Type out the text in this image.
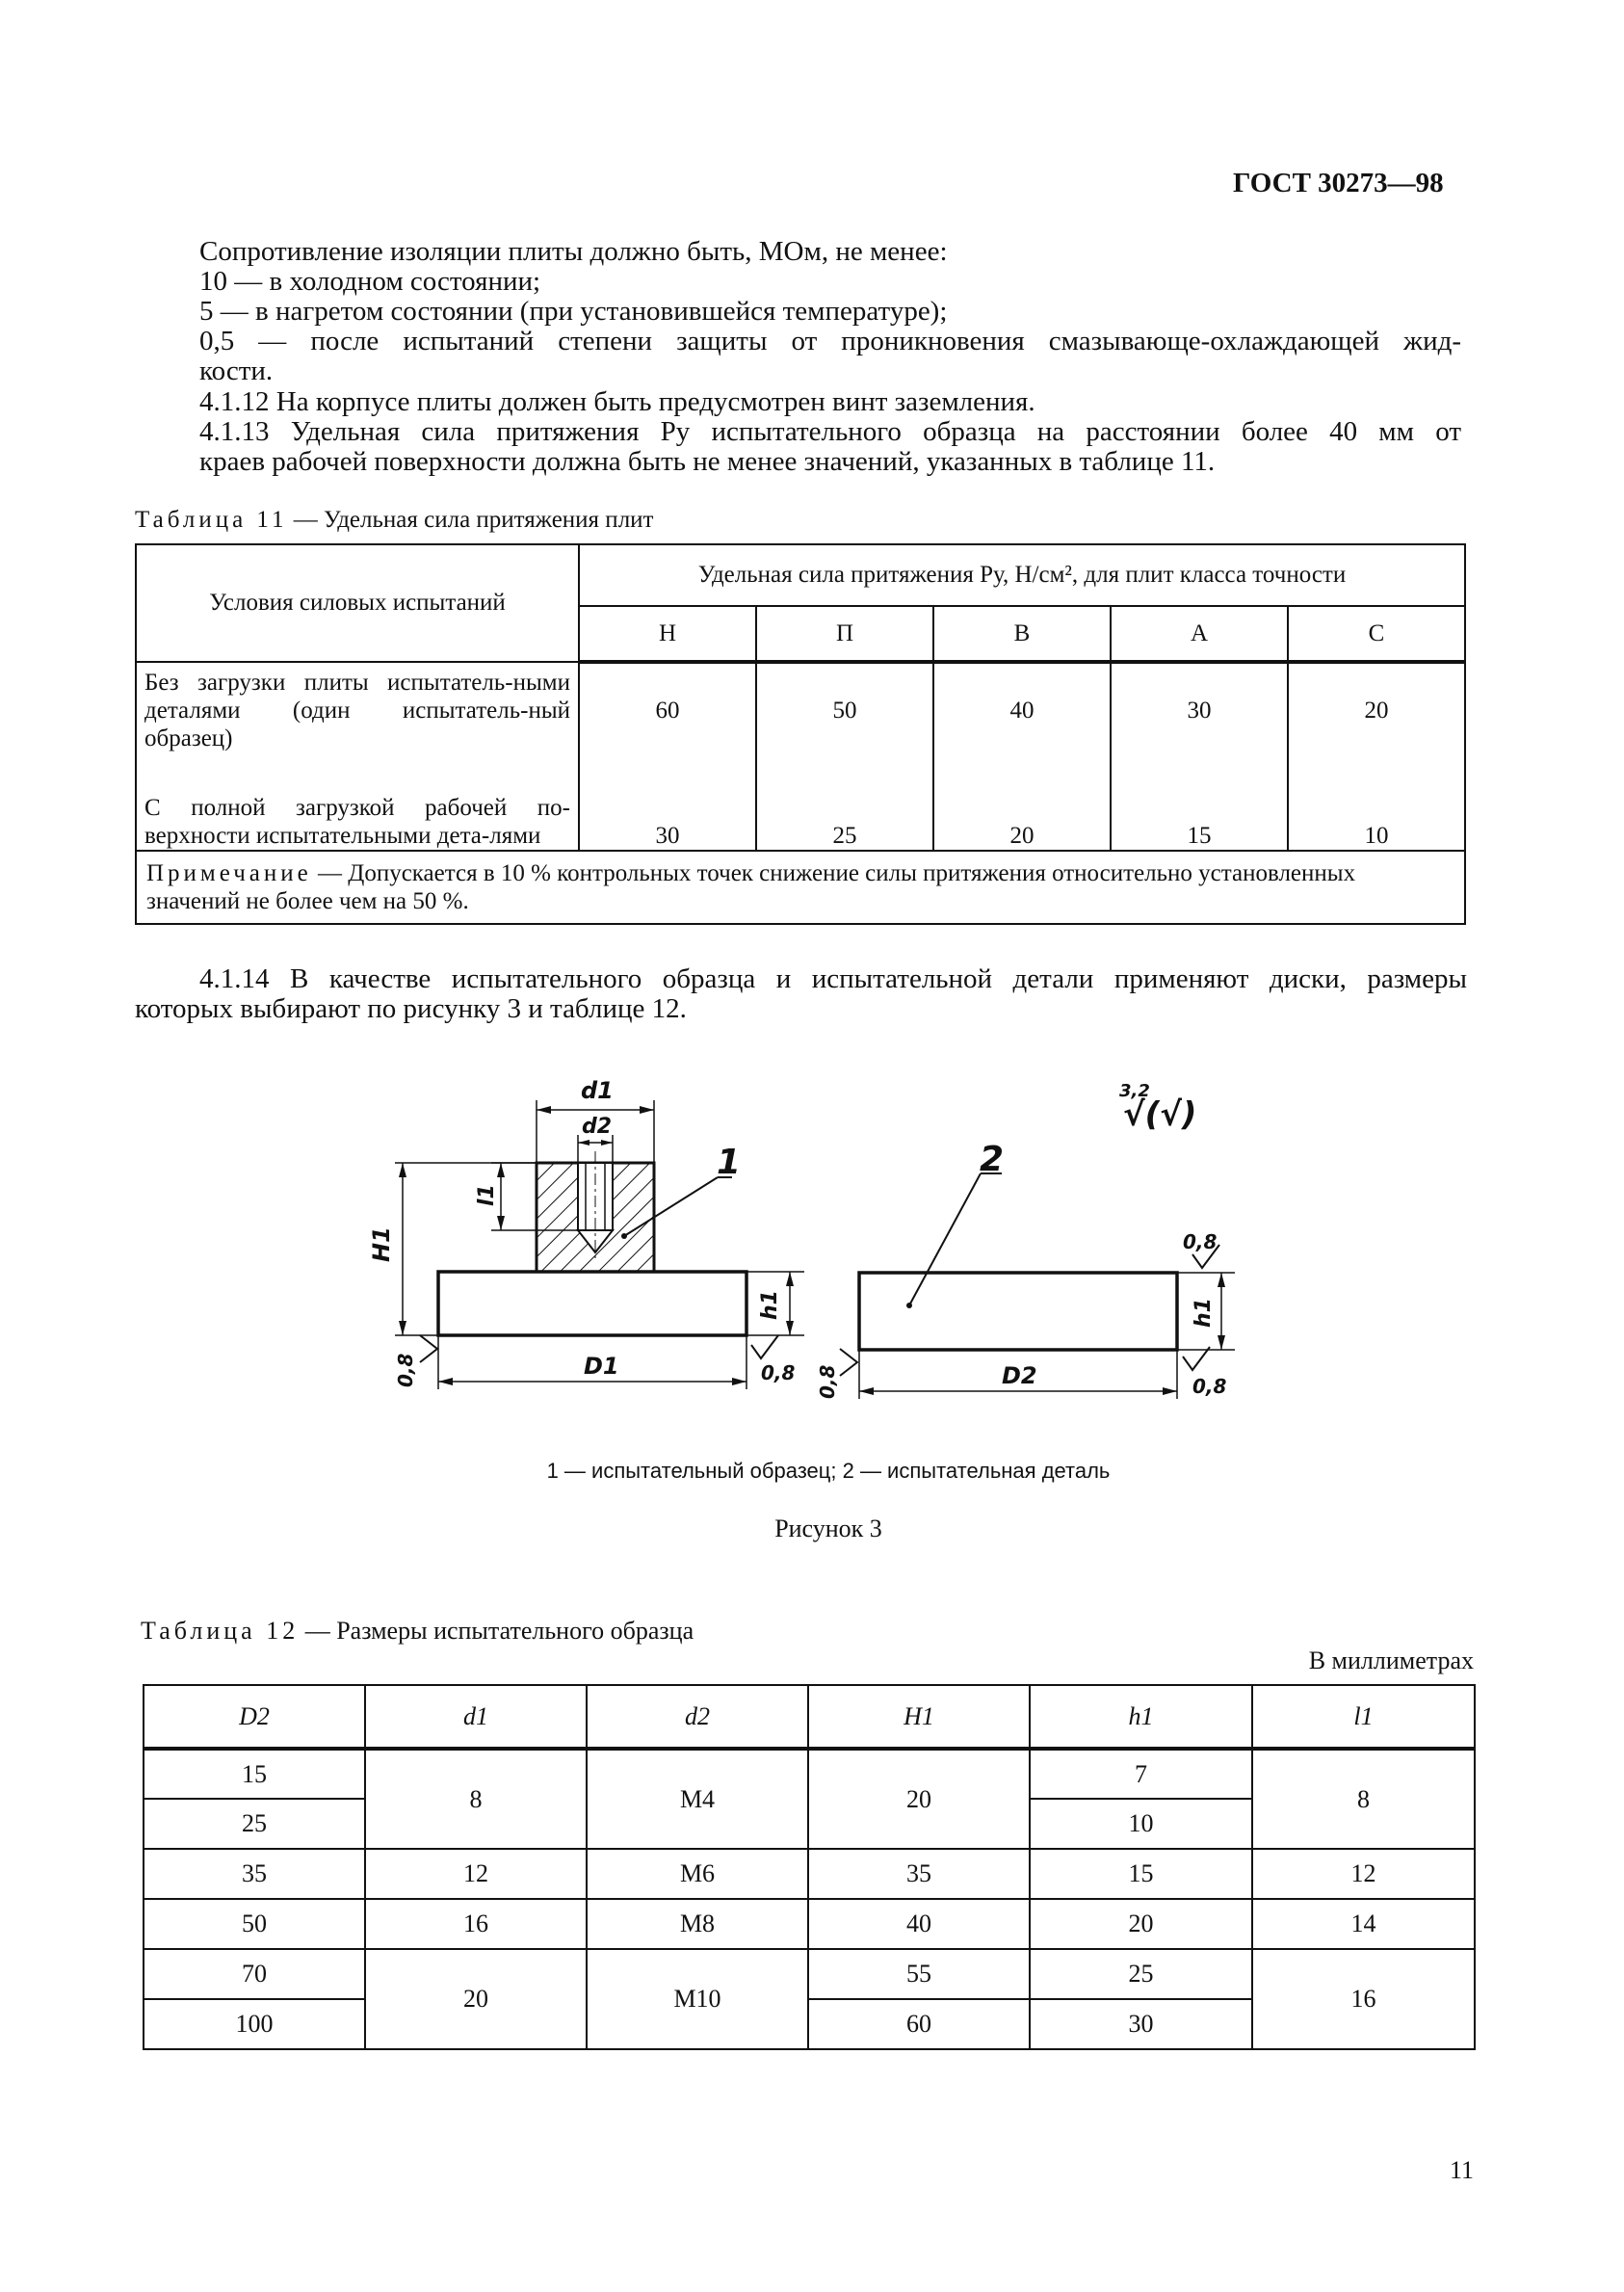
ГОСТ 30273—98
Сопротивление изоляции плиты должно быть, МОм, не менее:
10 — в холодном состоянии;
5 — в нагретом состоянии (при установившейся температуре);
0,5 — после испытаний степени защиты от проникновения смазывающе-охлаждающей жид-
кости.
4.1.12 На корпусе плиты должен быть предусмотрен винт заземления.
4.1.13 Удельная сила притяжения Pу испытательного образца на расстоянии более 40 мм от
краев рабочей поверхности должна быть не менее значений, указанных в таблице 11.
Таблица 11 — Удельная сила притяжения плит
Условия силовых испытаний	Удельная сила притяжения Pу, Н/см², для плит класса точности				
	Н	П	В	А	С
Без загрузки плиты испытатель-ными деталями (один испытатель-ный образец)	60	50	40	30	20
С полной загрузкой рабочей по-верхности испытательными дета-лями	30	25	20	15	10
Примечание — Допускается в 10 % контрольных точек снижение силы притяжения относительно установленных значений не более чем на 50 %.					
4.1.14 В качестве испытательного образца и испытательной детали применяют диски, размеры
которых выбирают по рисунку 3 и таблице 12.
d1
d2
l1
H1
h1
D1
0,8	0,8
1	2
h1
D2
0,8	0,8
0,8
3,2
√(√)
1 — испытательный образец; 2 — испытательная деталь
Рисунок 3
Таблица 12 — Размеры испытательного образца
В миллиметрах
D2	d1	d2	H1	h1	l1
15	8	M4	20	7	8
25				10	
35	12	M6	35	15	12
50	16	M8	40	20	14
70	20	M10	55	25	16
100			60	30	
11
